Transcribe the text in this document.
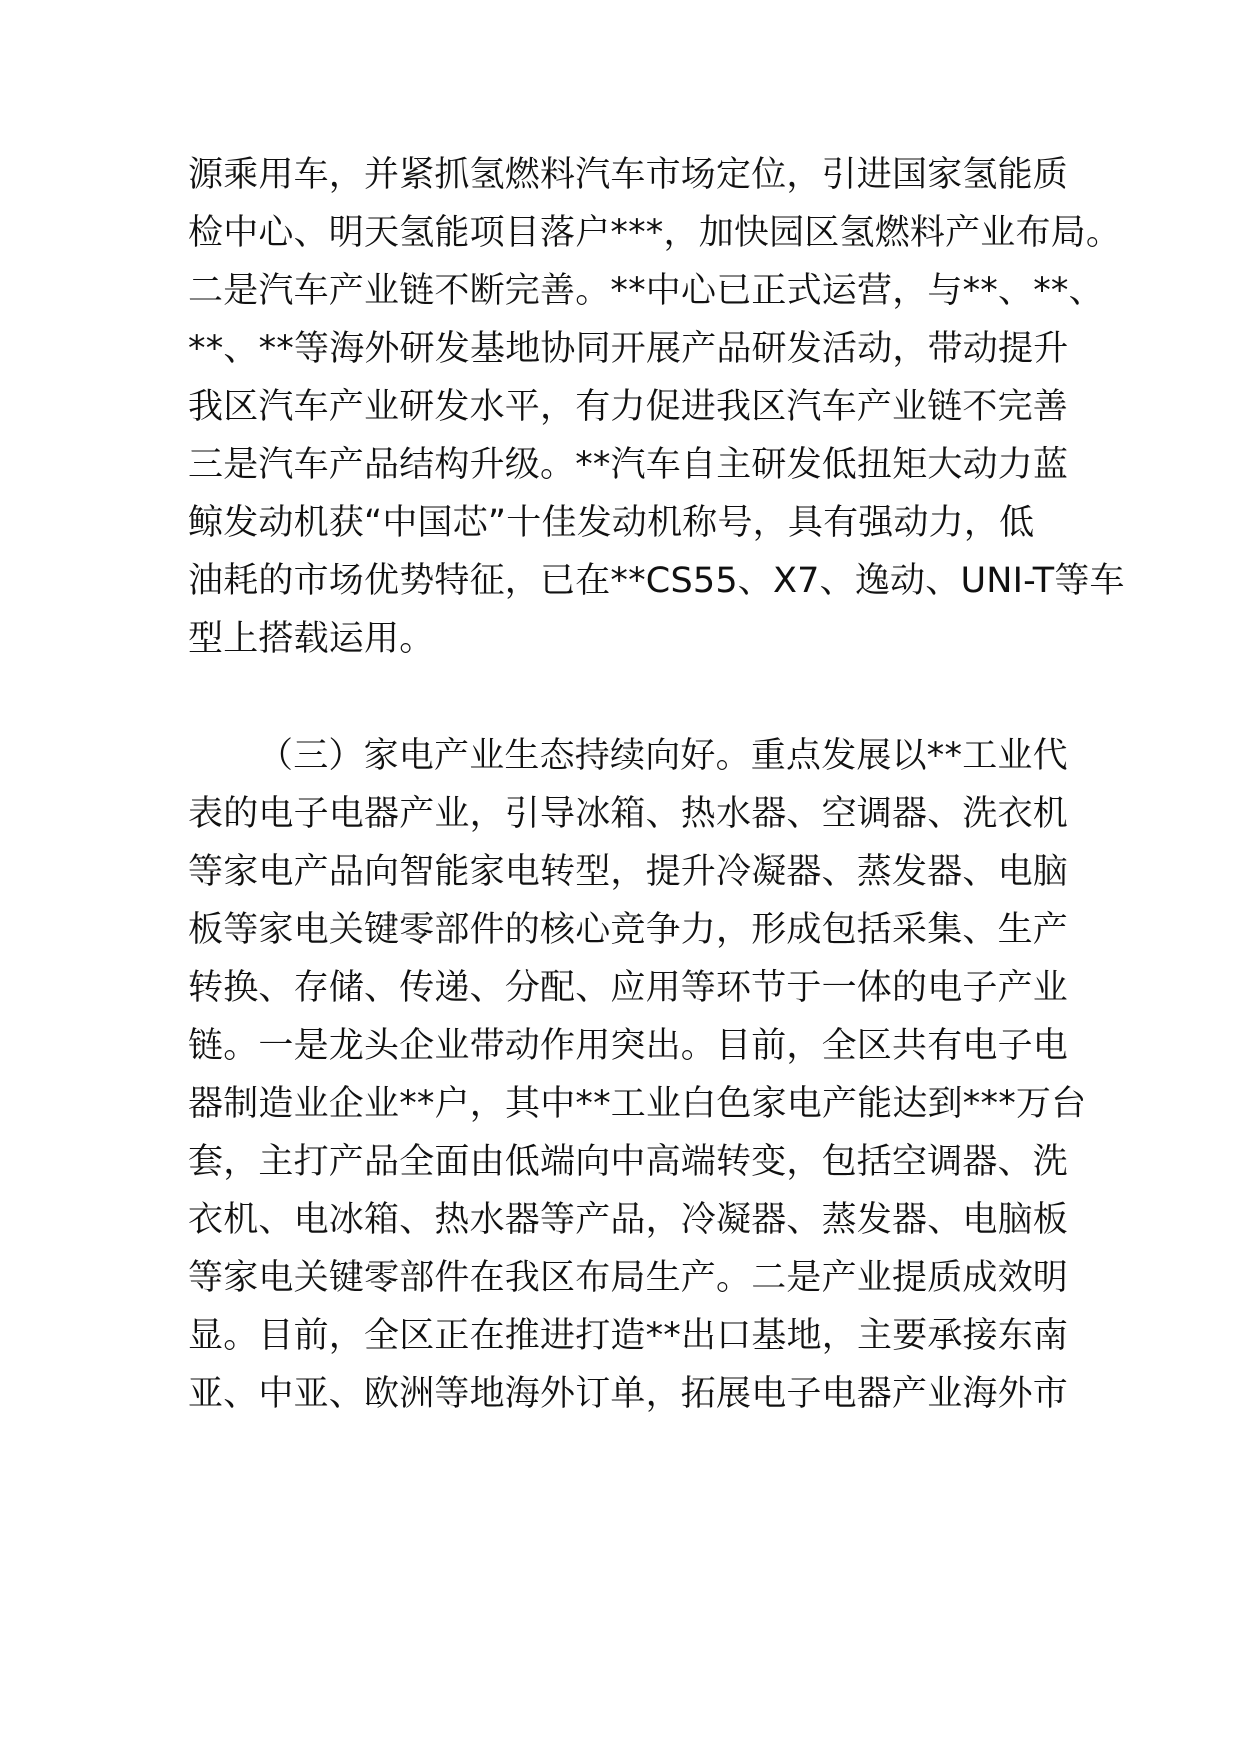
源乘用车，并紧抓氢燃料汽车市场定位，引进国家氢能质
检中心、明天氢能项目落户***，加快园区氢燃料产业布局。
二是汽车产业链不断完善。**中心已正式运营，与**、**、
**、**等海外研发基地协同开展产品研发活动，带动提升
我区汽车产业研发水平，有力促进我区汽车产业链不完善
三是汽车产品结构升级。**汽车自主研发低扭矩大动力蓝
鲸发动机获“中国芯”十佳发动机称号，具有强动力，低
油耗的市场优势特征，已在**CS55、X7、逸动、UNI-T等车
型上搭载运用。
（三）家电产业生态持续向好。重点发展以**工业代
表的电子电器产业，引导冰箱、热水器、空调器、洗衣机
等家电产品向智能家电转型，提升冷凝器、蒸发器、电脑
板等家电关键零部件的核心竞争力，形成包括采集、生产
转换、存储、传递、分配、应用等环节于一体的电子产业
链。一是龙头企业带动作用突出。目前，全区共有电子电
器制造业企业**户，其中**工业白色家电产能达到***万台
套，主打产品全面由低端向中高端转变，包括空调器、洗
衣机、电冰箱、热水器等产品，冷凝器、蒸发器、电脑板
等家电关键零部件在我区布局生产。二是产业提质成效明
显。目前，全区正在推进打造**出口基地，主要承接东南
亚、中亚、欧洲等地海外订单，拓展电子电器产业海外市
